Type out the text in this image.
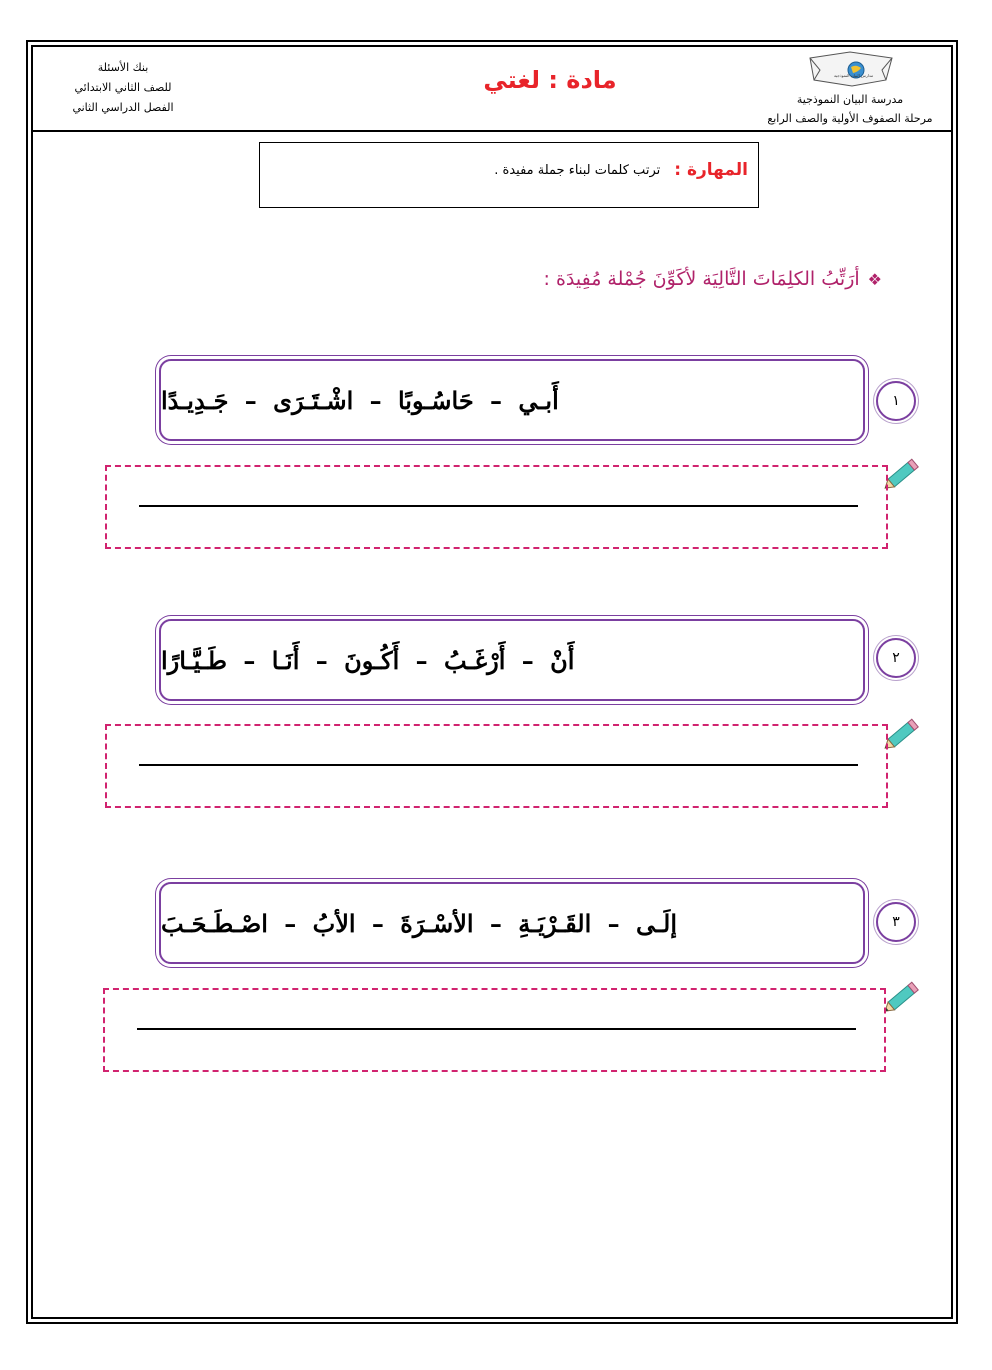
بنك الأسئلة
للصف الثاني الابتدائي
الفصل الدراسي الثاني
مادة : لغتي	مدارس البيان النموذجية
مدرسة البيان النموذجية
مرحلة الصفوف الأولية والصف الرابع
المهارة :
ترتب كلمات لبناء جملة مفيدة .
❖
أرَتِّبُ الكلِمَاتَ التَّالِيَة لأكَوِّنَ جُمْلة مُفِيدَة :
١
أَبـي – حَاسُـوبًا – اشْـتَـرَى – جَـدِيـدًا
٢
أَنْ – أَرْغَـبُ – أَكُـونَ – أَنَـا – طَـيَّـارًا
٣
إلَـى – القَـرْيَـةِ – الأسْـرَةَ – الأبُ – اصْـطَـحَـبَ
